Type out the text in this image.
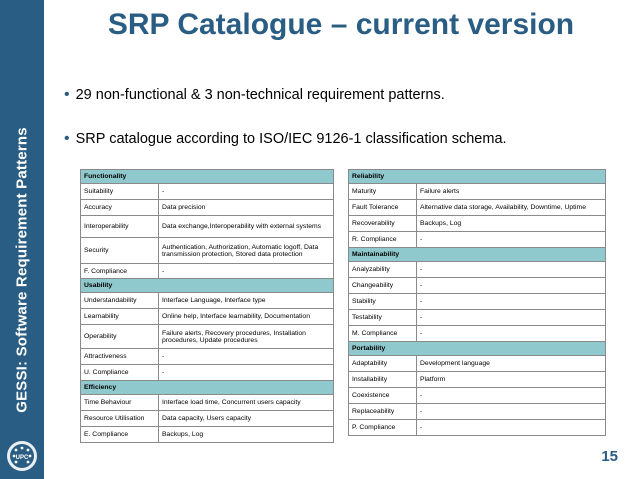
GESSI: Software Requirement Patterns
UPC
SRP Catalogue – current version
• 29 non-functional & 3 non-technical requirement patterns.
• SRP catalogue according to ISO/IEC 9126-1 classification schema.
Functionality	
Suitability	-
Accuracy	Data precision
Interoperability	Data exchange,Interoperability with external systems
Security	Authentication, Authorization, Automatic logoff, Data transmission protection, Stored data protection
F. Compliance	-
Usability	
Understandability	Interface Language, Interface type
Learnability	Online help, Interface learnability, Documentation
Operability	Failure alerts, Recovery procedures, Installation procedures, Update procedures
Attractiveness	-
U. Compliance	-
Efficiency	
Time Behaviour	Interface load time, Concurrent users capacity
Resource Utilisation	Data capacity, Users capacity
E. Compliance	Backups, Log
Reliability	
Maturity	Failure alerts
Fault Tolerance	Alternative data storage, Availability, Downtime, Uptime
Recoverability	Backups, Log
R. Compliance	-
Maintainability	
Analyzability	-
Changeability	-
Stability	-
Testability	-
M. Compliance	-
Portability	
Adaptability	Development language
Installability	Platform
Coexistence	-
Replaceability	-
P. Compliance	-
15
